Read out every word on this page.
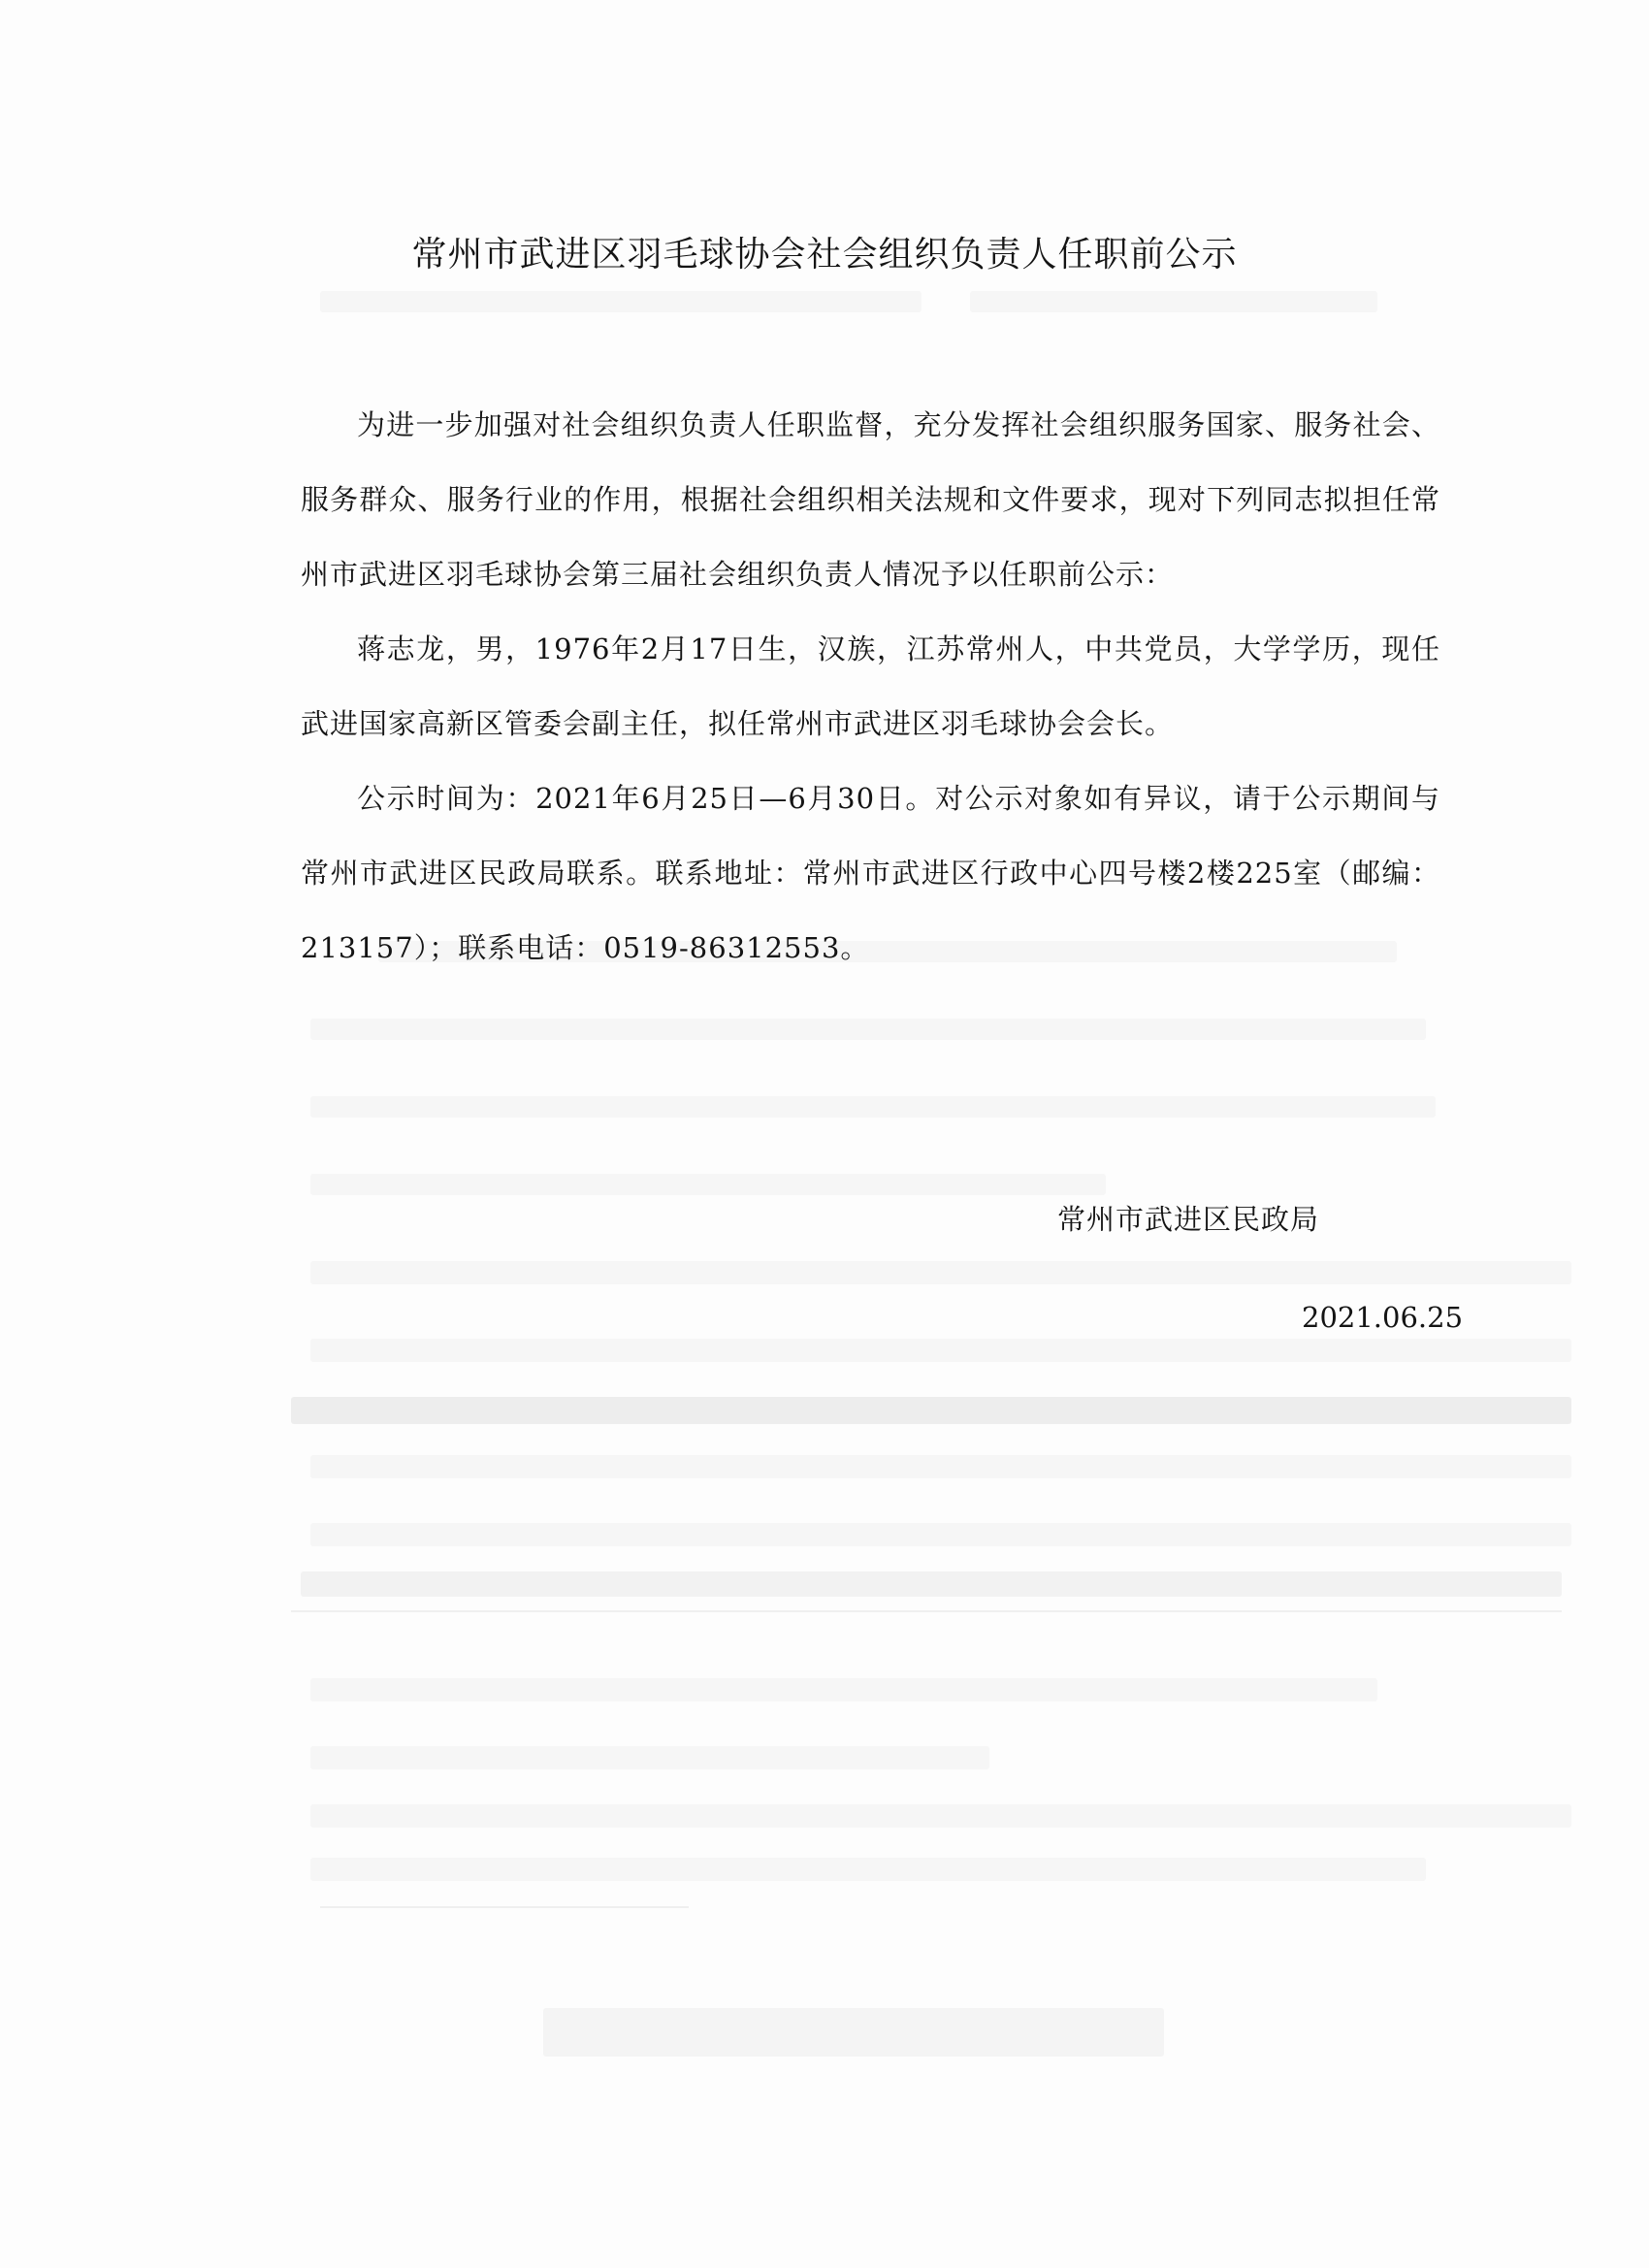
常州市武进区羽毛球协会社会组织负责人任职前公示

为进一步加强对社会组织负责人任职监督，充分发挥社会组织服务国家、服务社会、服务群众、服务行业的作用，根据社会组织相关法规和文件要求，现对下列同志拟担任常州市武进区羽毛球协会第三届社会组织负责人情况予以任职前公示：

蒋志龙，男，1976年2月17日生，汉族，江苏常州人，中共党员，大学学历，现任武进国家高新区管委会副主任，拟任常州市武进区羽毛球协会会长。

公示时间为：2021年6月25日—6月30日。对公示对象如有异议，请于公示期间与常州市武进区民政局联系。联系地址：常州市武进区行政中心四号楼2楼225室（邮编：213157）；联系电话：0519-86312553。

常州市武进区民政局
2021.06.25
